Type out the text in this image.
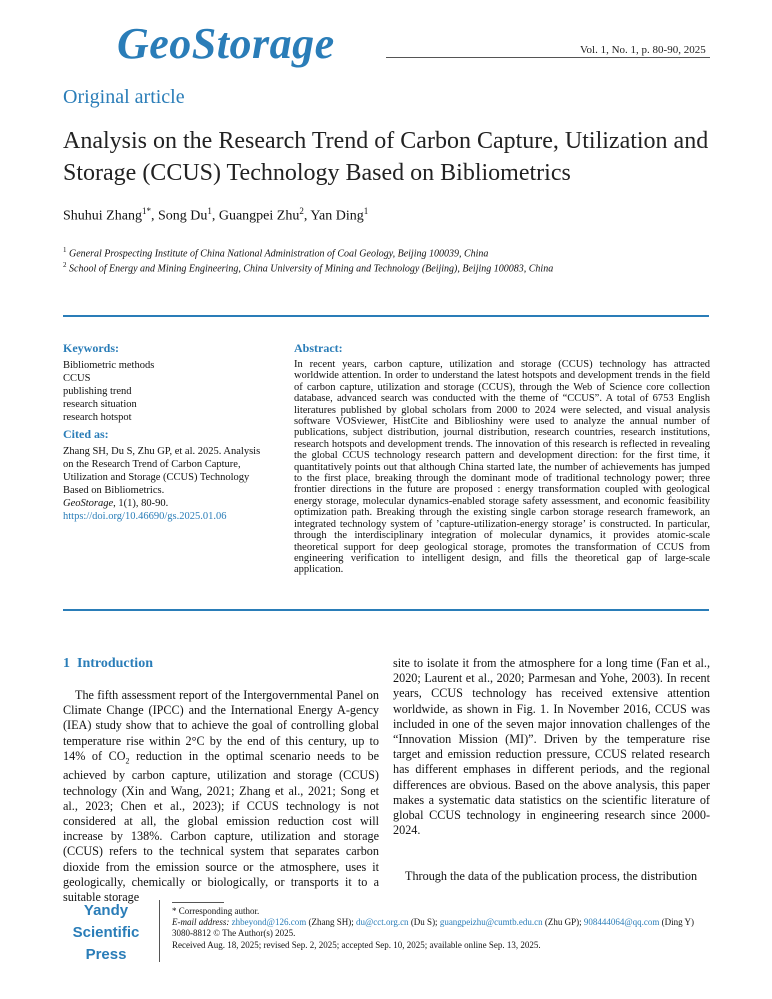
GeoStorage	Vol. 1, No. 1, p. 80-90, 2025
Original article
Analysis on the Research Trend of Carbon Capture, Utilization and Storage (CCUS) Technology Based on Bibliometrics
Shuhui Zhang$^{1*}$, Song Du$^1$, Guangpei Zhu$^2$, Yan Ding$^1$
$^1$ General Prospecting Institute of China National Administration of Coal Geology, Beijing 100039, China
$^2$ School of Energy and Mining Engineering, China University of Mining and Technology (Beijing), Beijing 100083, China
Keywords:
Bibliometric methods
CCUS
publishing trend
research situation
research hotspot
Cited as:
Zhang SH, Du S, Zhu GP, et al. 2025. Analysis on the Research Trend of Carbon Capture, Utilization and Storage (CCUS) Technology Based on Bibliometrics.
GeoStorage, 1(1), 80-90.
https://doi.org/10.46690/gs.2025.01.06
Abstract:
In recent years, carbon capture, utilization and storage (CCUS) technology has attracted worldwide attention. In order to understand the latest hotspots and development trends in the field of carbon capture, utilization and storage (CCUS), through the Web of Science core collection database, advanced search was conducted with the theme of “CCUS”. A total of 6753 English literatures published by global scholars from 2000 to 2024 were selected, and visual analysis software VOSviewer, HistCite and Biblioshiny were used to analyze the annual number of publications, subject distribution, journal distribution, research countries, research institutions, research hotspots and development trends. The innovation of this research is reflected in revealing the global CCUS technology research pattern and development direction: for the first time, it quantitatively points out that although China started late, the number of achievements has jumped to the first place, breaking through the dominant mode of traditional technology power; three frontier directions in the future are proposed : energy transformation coupled with geological energy storage, molecular dynamics-enabled storage safety assessment, and economic feasibility optimization path. Breaking through the existing single carbon storage research framework, an integrated technology system of ’capture-utilization-energy storage’ is constructed. In particular, through the interdisciplinary integration of molecular dynamics, it provides atomic-scale theoretical support for deep geological storage, promotes the transformation of CCUS from engineering verification to intelligent design, and fills the theoretical gap of large-scale application.
1 Introduction
The fifth assessment report of the Intergovernmental Panel on Climate Change (IPCC) and the International Energy A-gency (IEA) study show that to achieve the goal of controlling global temperature rise within 2°C by the end of this century, up to 14% of $CO_2$ reduction in the optimal scenario needs to be achieved by carbon capture, utilization and storage (CCUS) technology (Xin and Wang, 2021; Zhang et al., 2021; Song et al., 2023; Chen et al., 2023); if CCUS technology is not considered at all, the global emission reduction cost will increase by 138%. Carbon capture, utilization and storage (CCUS) refers to the technical system that separates carbon dioxide from the emission source or the atmosphere, uses it geologically, chemically or biologically, or transports it to a suitable storage
site to isolate it from the atmosphere for a long time (Fan et al., 2020; Laurent et al., 2020; Parmesan and Yohe, 2003). In recent years, CCUS technology has received extensive attention worldwide, as shown in Fig. 1. In November 2016, CCUS was included in one of the seven major innovation challenges of the “Innovation Mission (MI)”. Driven by the temperature rise target and emission reduction pressure, CCUS related research has different emphases in different periods, and the regional differences are obvious. Based on the above analysis, this paper makes a systematic data statistics on the scientific literature of global CCUS technology in engineering research since 2000-2024.
Through the data of the publication process, the distribution
Yandy
Scientific
Press
* Corresponding author.
E-mail address: zhbeyond@126.com (Zhang SH); du@cct.org.cn (Du S); guangpeizhu@cumtb.edu.cn (Zhu GP); 908444064@qq.com (Ding Y)
3080-8812 © The Author(s) 2025.
Received Aug. 18, 2025; revised Sep. 2, 2025; accepted Sep. 10, 2025; available online Sep. 13, 2025.
